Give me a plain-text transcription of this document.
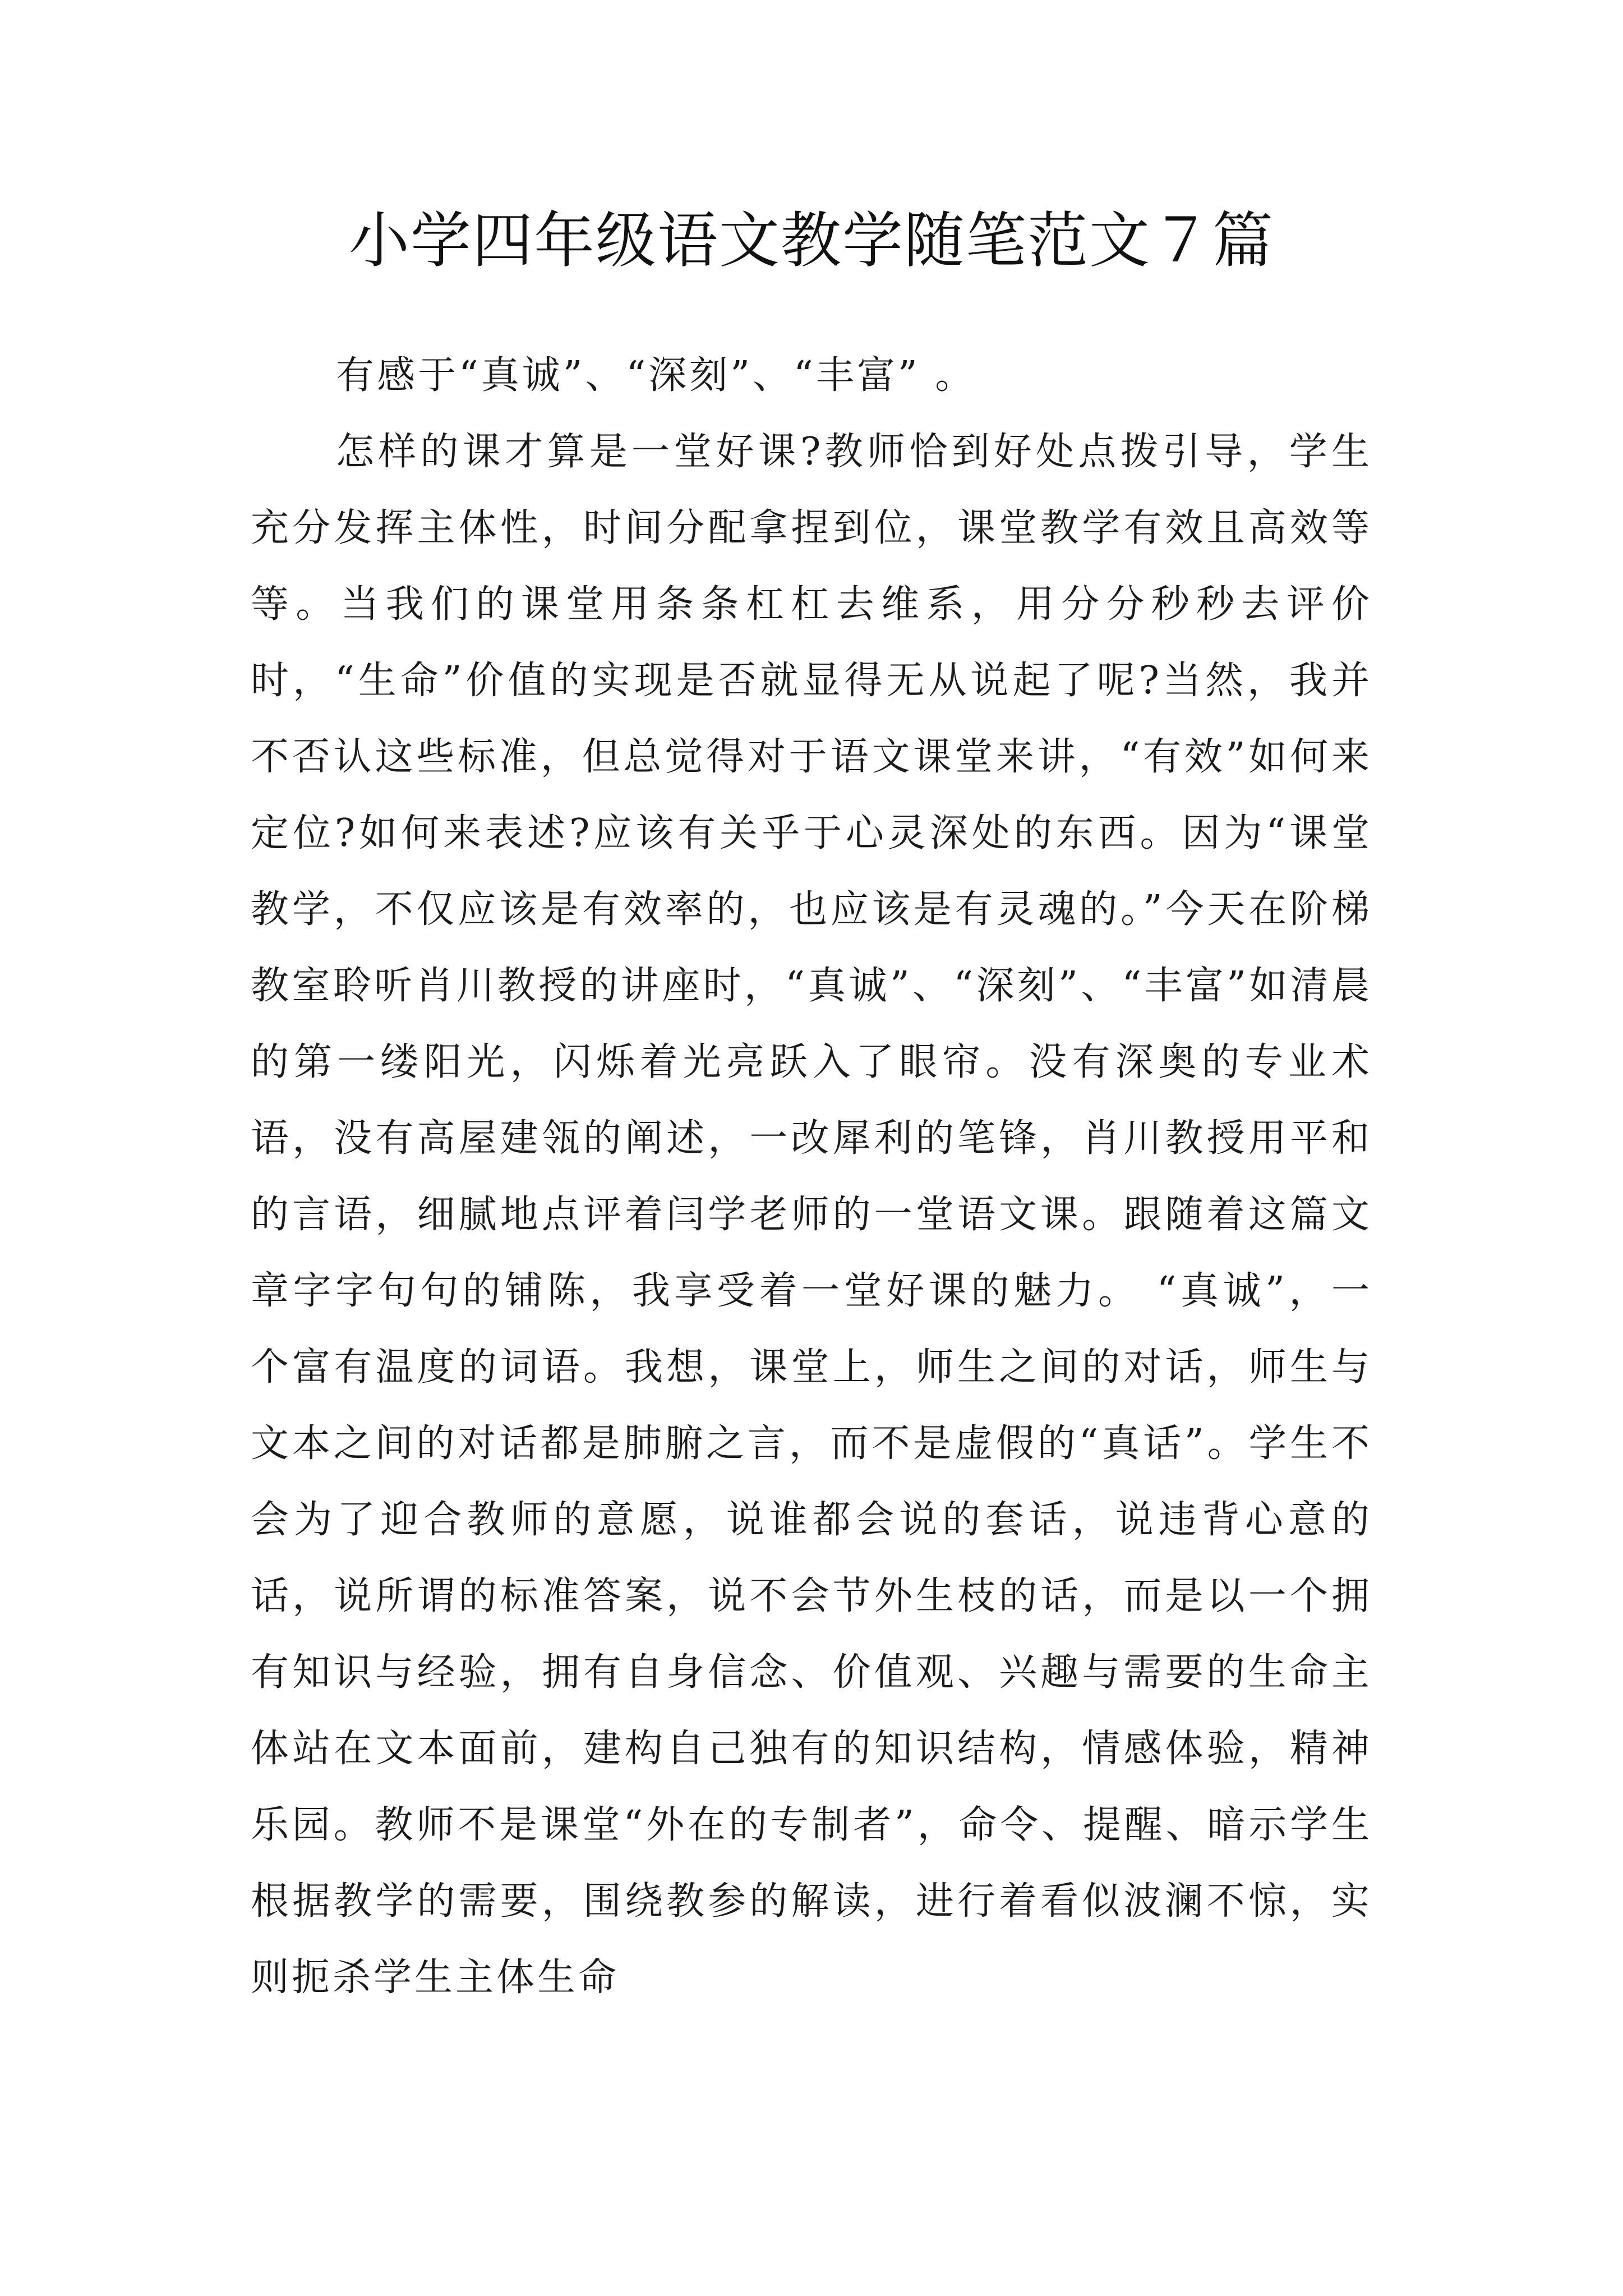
小学四年级语文教学随笔范文７篇

有感于“真诚”、“深刻”、“丰富” 。

怎样的课才算是一堂好课?教师恰到好处点拨引导，学生充分发挥主体性，时间分配拿捏到位，课堂教学有效且高效等等。当我们的课堂用条条杠杠去维系，用分分秒秒去评价时，“生命”价值的实现是否就显得无从说起了呢?当然，我并不否认这些标准，但总觉得对于语文课堂来讲，“有效”如何来定位?如何来表述?应该有关乎于心灵深处的东西。因为“课堂教学，不仅应该是有效率的，也应该是有灵魂的。”今天在阶梯教室聆听肖川教授的讲座时，“真诚”、“深刻”、“丰富”如清晨的第一缕阳光，闪烁着光亮跃入了眼帘。没有深奥的专业术语，没有高屋建瓴的阐述，一改犀利的笔锋，肖川教授用平和的言语，细腻地点评着闫学老师的一堂语文课。跟随着这篇文章字字句句的铺陈，我享受着一堂好课的魅力。 “真诚”，一个富有温度的词语。我想，课堂上，师生之间的对话，师生与文本之间的对话都是肺腑之言，而不是虚假的“真话”。学生不会为了迎合教师的意愿，说谁都会说的套话，说违背心意的话，说所谓的标准答案，说不会节外生枝的话，而是以一个拥有知识与经验，拥有自身信念、价值观、兴趣与需要的生命主体站在文本面前，建构自己独有的知识结构，情感体验，精神乐园。教师不是课堂“外在的专制者”，命令、提醒、暗示学生根据教学的需要，围绕教参的解读，进行着看似波澜不惊，实则扼杀学生主体生命
